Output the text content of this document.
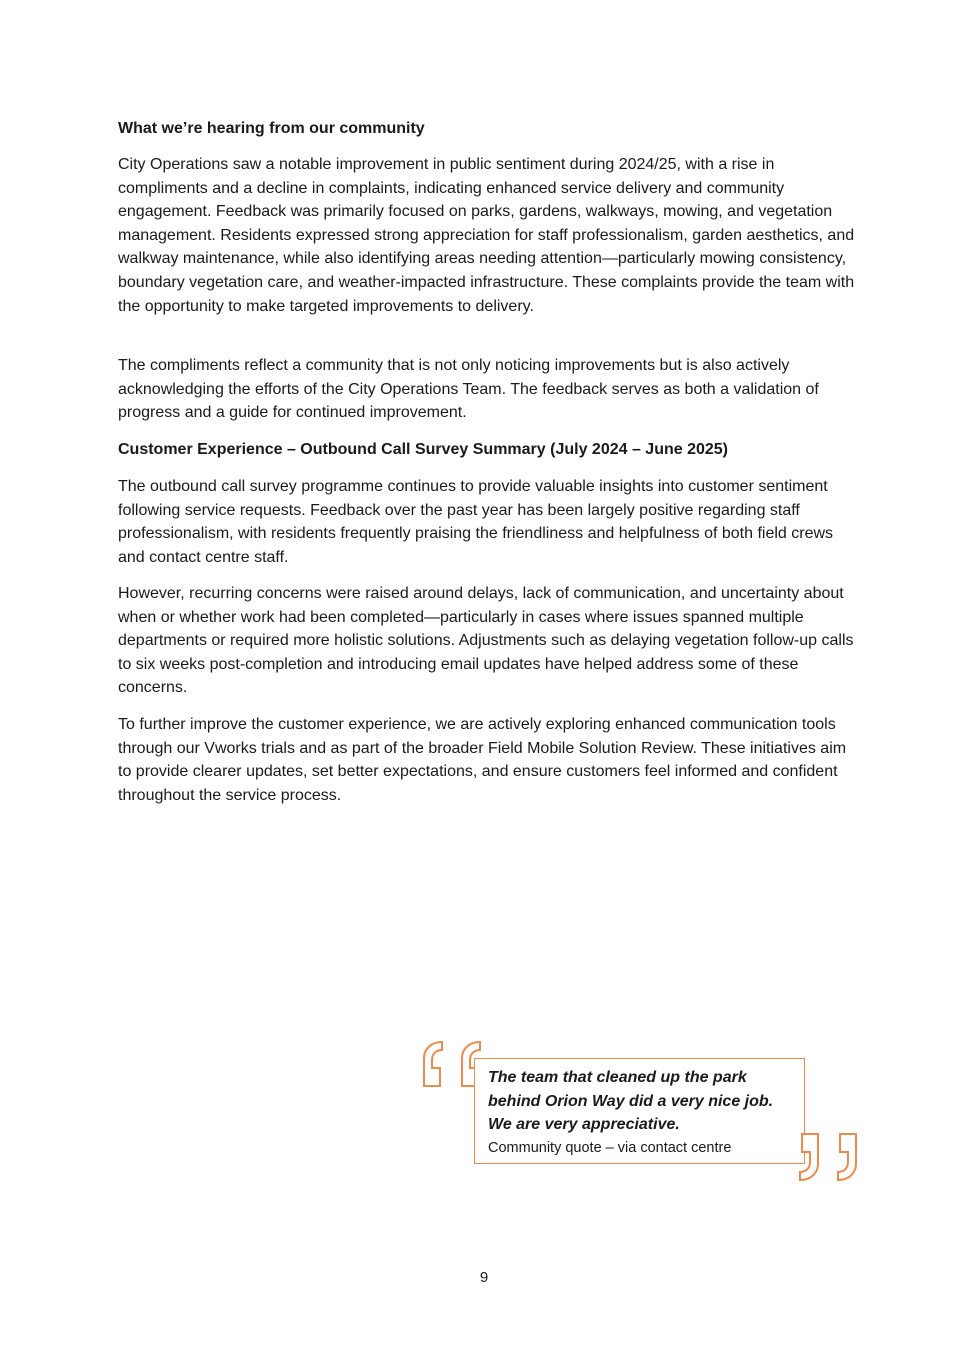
What we’re hearing from our community

City Operations saw a notable improvement in public sentiment during 2024/25, with a rise in compliments and a decline in complaints, indicating enhanced service delivery and community engagement. Feedback was primarily focused on parks, gardens, walkways, mowing, and vegetation management. Residents expressed strong appreciation for staff professionalism, garden aesthetics, and walkway maintenance, while also identifying areas needing attention—particularly mowing consistency, boundary vegetation care, and weather-impacted infrastructure. These complaints provide the team with the opportunity to make targeted improvements to delivery.

The compliments reflect a community that is not only noticing improvements but is also actively acknowledging the efforts of the City Operations Team. The feedback serves as both a validation of progress and a guide for continued improvement.

Customer Experience – Outbound Call Survey Summary (July 2024 – June 2025)

The outbound call survey programme continues to provide valuable insights into customer sentiment following service requests. Feedback over the past year has been largely positive regarding staff professionalism, with residents frequently praising the friendliness and helpfulness of both field crews and contact centre staff.

However, recurring concerns were raised around delays, lack of communication, and uncertainty about when or whether work had been completed—particularly in cases where issues spanned multiple departments or required more holistic solutions. Adjustments such as delaying vegetation follow-up calls to six weeks post-completion and introducing email updates have helped address some of these concerns.

To further improve the customer experience, we are actively exploring enhanced communication tools through our Vworks trials and as part of the broader Field Mobile Solution Review. These initiatives aim to provide clearer updates, set better expectations, and ensure customers feel informed and confident throughout the service process.

The team that cleaned up the park

behind Orion Way did a very nice job.

We are very appreciative.

Community quote – via contact centre

9
